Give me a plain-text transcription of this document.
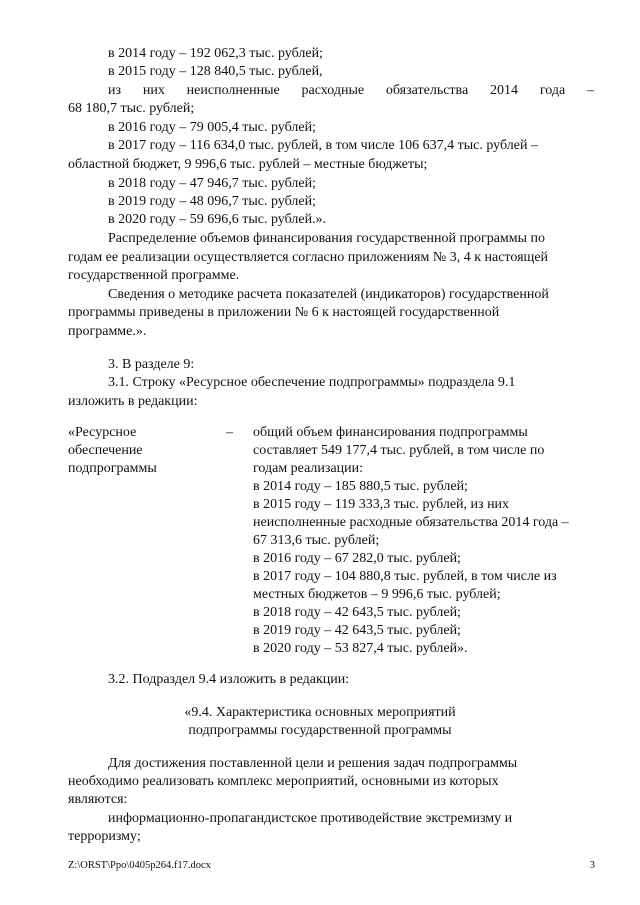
в 2014 году – 192 062,3 тыс. рублей;
в 2015 году – 128 840,5 тыс. рублей,
из них неисполненные расходные обязательства 2014 года –
68 180,7 тыс. рублей;
в 2016 году – 79 005,4 тыс. рублей;
в 2017 году – 116 634,0 тыс. рублей, в том числе 106 637,4 тыс. рублей –
областной бюджет, 9 996,6 тыс. рублей – местные бюджеты;
в 2018 году – 47 946,7 тыс. рублей;
в 2019 году – 48 096,7 тыс. рублей;
в 2020 году – 59 696,6 тыс. рублей.».
Распределение объемов финансирования государственной программы по
годам ее реализации осуществляется согласно приложениям № 3, 4 к настоящей
государственной программе.
Сведения о методике расчета показателей (индикаторов) государственной
программы приведены в приложении № 6 к настоящей государственной
программе.».
3. В разделе 9:
3.1. Строку «Ресурсное обеспечение подпрограммы» подраздела 9.1
изложить в редакции:
«Ресурсное
обеспечение
подпрограммы
– общий объем финансирования подпрограммы
составляет 549 177,4 тыс. рублей, в том числе по
годам реализации:
в 2014 году – 185 880,5 тыс. рублей;
в 2015 году – 119 333,3 тыс. рублей, из них
неисполненные расходные обязательства 2014 года –
67 313,6 тыс. рублей;
в 2016 году – 67 282,0 тыс. рублей;
в 2017 году – 104 880,8 тыс. рублей, в том числе из
местных бюджетов – 9 996,6 тыс. рублей;
в 2018 году – 42 643,5 тыс. рублей;
в 2019 году – 42 643,5 тыс. рублей;
в 2020 году – 53 827,4 тыс. рублей».
3.2. Подраздел 9.4 изложить в редакции:
«9.4. Характеристика основных мероприятий
подпрограммы государственной программы
Для достижения поставленной цели и решения задач подпрограммы
необходимо реализовать комплекс мероприятий, основными из которых
являются:
информационно-пропагандистское противодействие экстремизму и
терроризму;
Z:\ORST\Ppo\0405p264.f17.docx	3
